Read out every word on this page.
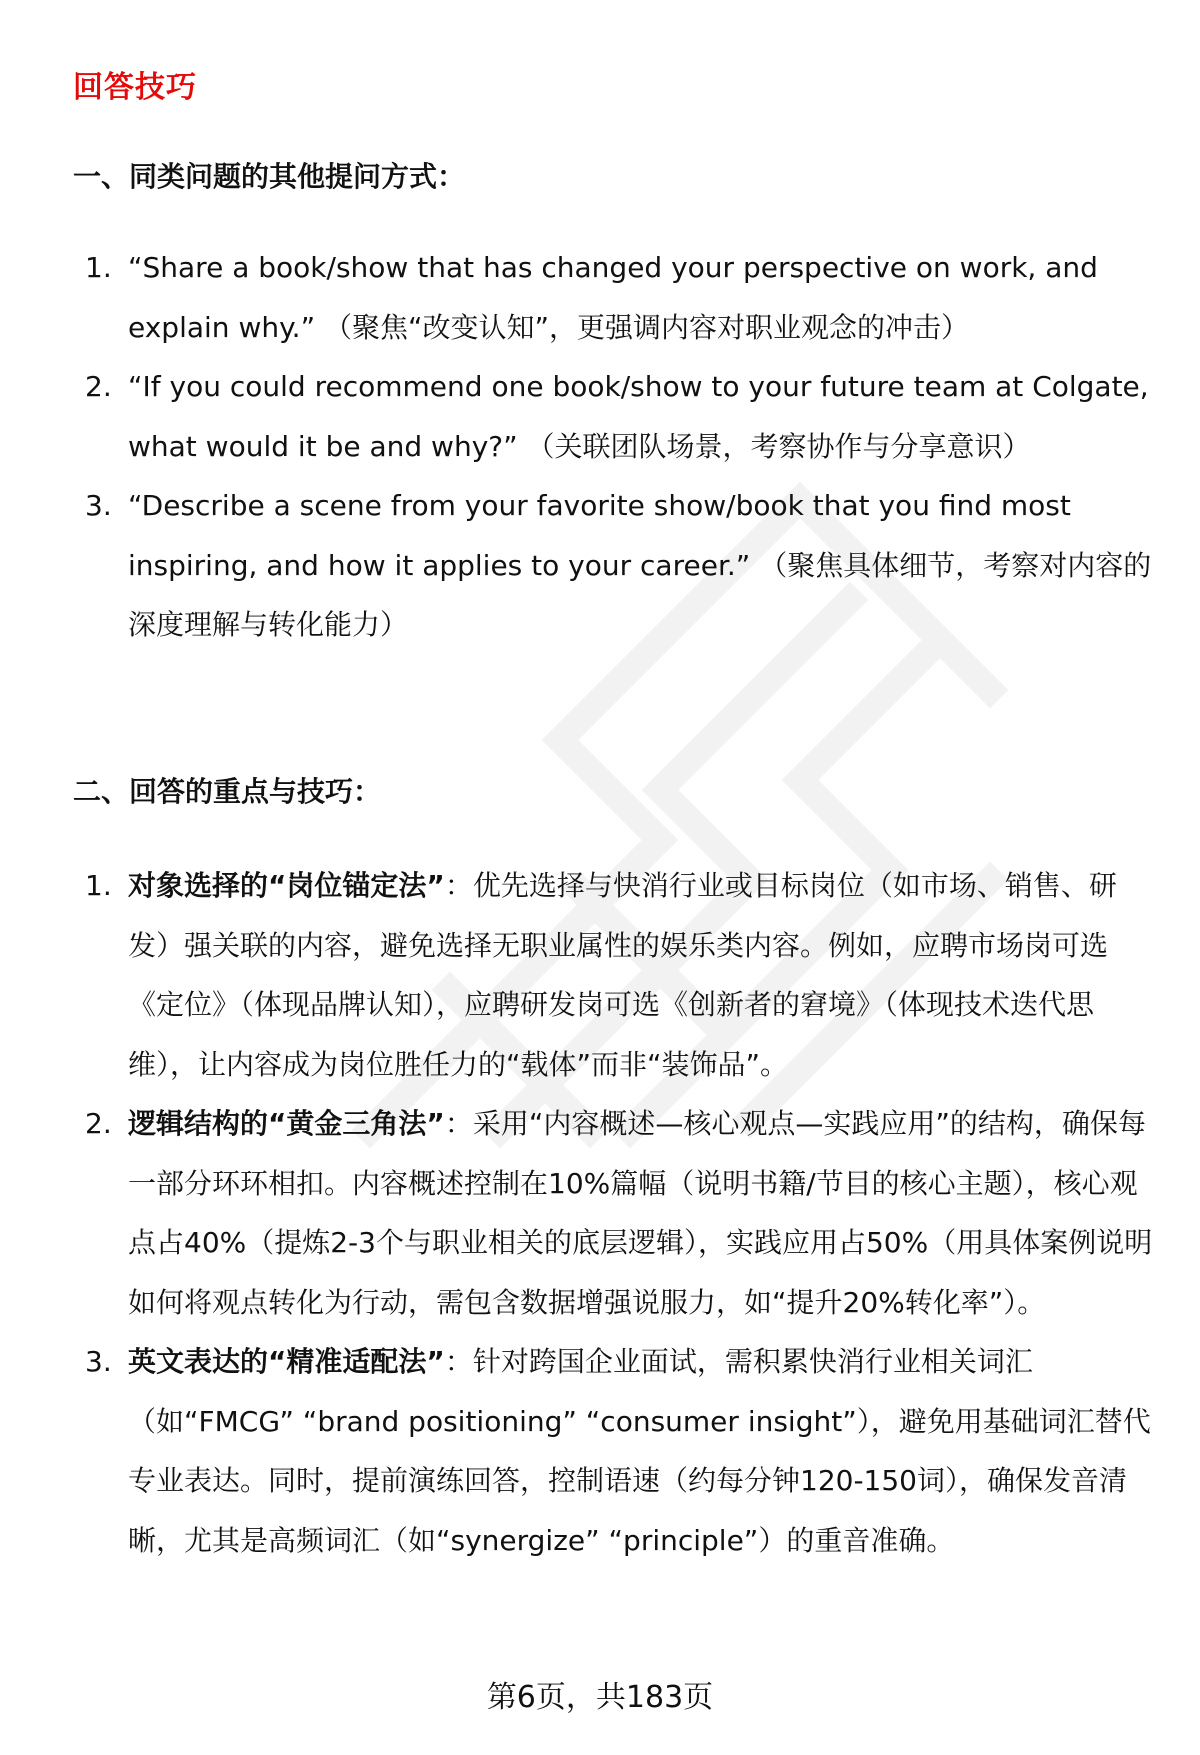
回答技巧
一、同类问题的其他提问方式：
1. “Share a book/show that has changed your perspective on work, and explain why.” （聚焦“改变认知”，更强调内容对职业观念的冲击）
2. “If you could recommend one book/show to your future team at Colgate, what would it be and why?” （关联团队场景，考察协作与分享意识）
3. “Describe a scene from your favorite show/book that you find most inspiring, and how it applies to your career.” （聚焦具体细节，考察对内容的深度理解与转化能力）
二、回答的重点与技巧：
1. 对象选择的“岗位锚定法”：优先选择与快消行业或目标岗位（如市场、销售、研发）强关联的内容，避免选择无职业属性的娱乐类内容。例如，应聘市场岗可选《定位》（体现品牌认知），应聘研发岗可选《创新者的窘境》（体现技术迭代思维），让内容成为岗位胜任力的“载体”而非“装饰品”。
2. 逻辑结构的“黄金三角法”：采用“内容概述—核心观点—实践应用”的结构，确保每一部分环环相扣。内容概述控制在10%篇幅（说明书籍/节目的核心主题），核心观点占40%（提炼2-3个与职业相关的底层逻辑），实践应用占50%（用具体案例说明如何将观点转化为行动，需包含数据增强说服力，如“提升20%转化率”）。
3. 英文表达的“精准适配法”：针对跨国企业面试，需积累快消行业相关词汇（如“FMCG” “brand positioning” “consumer insight”），避免用基础词汇替代专业表达。同时，提前演练回答，控制语速（约每分钟120-150词），确保发音清晰，尤其是高频词汇（如“synergize” “principle”）的重音准确。
第6页，共183页
